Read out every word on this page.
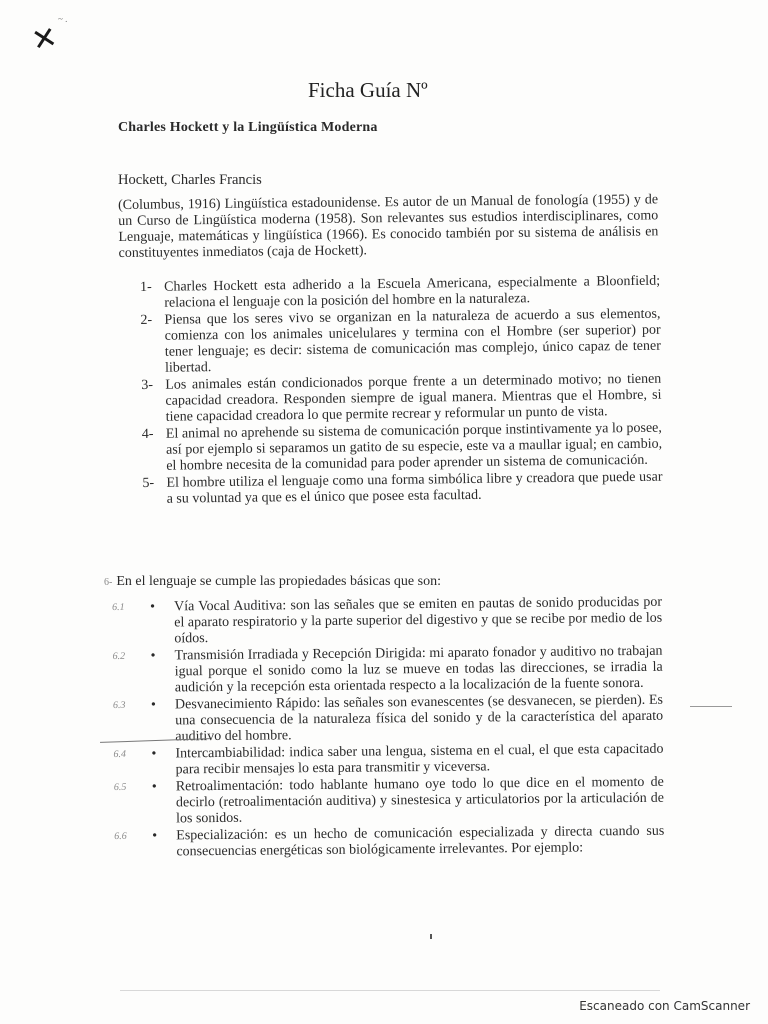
✕
~ .
Ficha Guía Nº
Charles Hockett y la Lingüística Moderna
Hockett, Charles Francis
(Columbus, 1916) Lingüística estadounidense. Es autor de un Manual de fonología (1955) y de un Curso de Lingüística moderna (1958). Son relevantes sus estudios interdisciplinares, como Lenguaje, matemáticas y lingüística (1966). Es conocido también por su sistema de análisis en constituyentes inmediatos (caja de Hockett).
1- Charles Hockett esta adherido a la Escuela Americana, especialmente a Bloonfield; relaciona el lenguaje con la posición del hombre en la naturaleza.
2- Piensa que los seres vivo se organizan en la naturaleza de acuerdo a sus elementos, comienza con los animales unicelulares y termina con el Hombre (ser superior) por tener lenguaje; es decir: sistema de comunicación mas complejo, único capaz de tener libertad.
3- Los animales están condicionados porque frente a un determinado motivo; no tienen capacidad creadora. Responden siempre de igual manera. Mientras que el Hombre, si tiene capacidad creadora lo que permite recrear y reformular un punto de vista.
4- El animal no aprehende su sistema de comunicación porque instintivamente ya lo posee, así por ejemplo si separamos un gatito de su especie, este va a maullar igual; en cambio, el hombre necesita de la comunidad para poder aprender un sistema de comunicación.
5- El hombre utiliza el lenguaje como una forma simbólica libre y creadora que puede usar a su voluntad ya que es el único que posee esta facultad.
6- En el lenguaje se cumple las propiedades básicas que son:
6.1 • Vía Vocal Auditiva: son las señales que se emiten en pautas de sonido producidas por el aparato respiratorio y la parte superior del digestivo y que se recibe por medio de los oídos.
6.2 • Transmisión Irradiada y Recepción Dirigida: mi aparato fonador y auditivo no trabajan igual porque el sonido como la luz se mueve en todas las direcciones, se irradia la audición y la recepción esta orientada respecto a la localización de la fuente sonora.
6.3 • Desvanecimiento Rápido: las señales son evanescentes (se desvanecen, se pierden). Es una consecuencia de la naturaleza física del sonido y de la característica del aparato auditivo del hombre.
6.4 • Intercambiabilidad: indica saber una lengua, sistema en el cual, el que esta capacitado para recibir mensajes lo esta para transmitir y viceversa.
6.5 • Retroalimentación: todo hablante humano oye todo lo que dice en el momento de decirlo (retroalimentación auditiva) y sinestesica y articulatorios por la articulación de los sonidos.
6.6 • Especialización: es un hecho de comunicación especializada y directa cuando sus consecuencias energéticas son biológicamente irrelevantes. Por ejemplo:
Escaneado con CamScanner
